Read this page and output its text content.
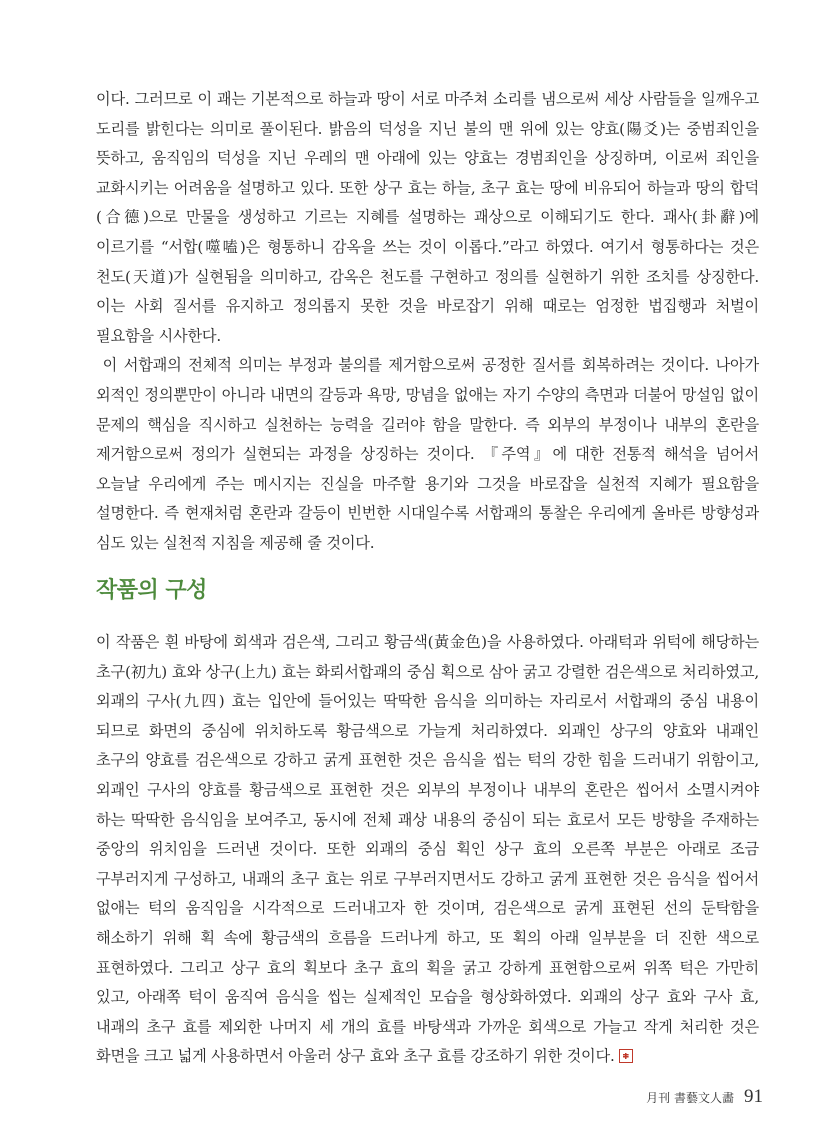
이다. 그러므로 이 괘는 기본적으로 하늘과 땅이 서로 마주쳐 소리를 냄으로써 세상 사람들을 일깨우고 도리를 밝힌다는 의미로 풀이된다. 밝음의 덕성을 지닌 불의 맨 위에 있는 양효(陽爻)는 중범죄인을 뜻하고, 움직임의 덕성을 지닌 우레의 맨 아래에 있는 양효는 경범죄인을 상징하며, 이로써 죄인을 교화시키는 어려움을 설명하고 있다. 또한 상구 효는 하늘, 초구 효는 땅에 비유되어 하늘과 땅의 합덕(合德)으로 만물을 생성하고 기르는 지혜를 설명하는 괘상으로 이해되기도 한다. 괘사(卦辭)에 이르기를 “서합(噬嗑)은 형통하니 감옥을 쓰는 것이 이롭다.”라고 하였다. 여기서 형통하다는 것은 천도(天道)가 실현됨을 의미하고, 감옥은 천도를 구현하고 정의를 실현하기 위한 조치를 상징한다. 이는 사회 질서를 유지하고 정의롭지 못한 것을 바로잡기 위해 때로는 엄정한 법집행과 처벌이 필요함을 시사한다.

이 서합괘의 전체적 의미는 부정과 불의를 제거함으로써 공정한 질서를 회복하려는 것이다. 나아가 외적인 정의뿐만이 아니라 내면의 갈등과 욕망, 망념을 없애는 자기 수양의 측면과 더불어 망설임 없이 문제의 핵심을 직시하고 실천하는 능력을 길러야 함을 말한다. 즉 외부의 부정이나 내부의 혼란을 제거함으로써 정의가 실현되는 과정을 상징하는 것이다. 『주역』에 대한 전통적 해석을 넘어서 오늘날 우리에게 주는 메시지는 진실을 마주할 용기와 그것을 바로잡을 실천적 지혜가 필요함을 설명한다. 즉 현재처럼 혼란과 갈등이 빈번한 시대일수록 서합괘의 통찰은 우리에게 올바른 방향성과 심도 있는 실천적 지침을 제공해 줄 것이다.

작품의 구성

이 작품은 흰 바탕에 회색과 검은색, 그리고 황금색(黃金色)을 사용하였다. 아래턱과 위턱에 해당하는 초구(初九) 효와 상구(上九) 효는 화뢰서합괘의 중심 획으로 삼아 굵고 강렬한 검은색으로 처리하였고, 외괘의 구사(九四) 효는 입안에 들어있는 딱딱한 음식을 의미하는 자리로서 서합괘의 중심 내용이 되므로 화면의 중심에 위치하도록 황금색으로 가늘게 처리하였다. 외괘인 상구의 양효와 내괘인 초구의 양효를 검은색으로 강하고 굵게 표현한 것은 음식을 씹는 턱의 강한 힘을 드러내기 위함이고, 외괘인 구사의 양효를 황금색으로 표현한 것은 외부의 부정이나 내부의 혼란은 씹어서 소멸시켜야 하는 딱딱한 음식임을 보여주고, 동시에 전체 괘상 내용의 중심이 되는 효로서 모든 방향을 주재하는 중앙의 위치임을 드러낸 것이다. 또한 외괘의 중심 획인 상구 효의 오른쪽 부분은 아래로 조금 구부러지게 구성하고, 내괘의 초구 효는 위로 구부러지면서도 강하고 굵게 표현한 것은 음식을 씹어서 없애는 턱의 움직임을 시각적으로 드러내고자 한 것이며, 검은색으로 굵게 표현된 선의 둔탁함을 해소하기 위해 획 속에 황금색의 흐름을 드러나게 하고, 또 획의 아래 일부분을 더 진한 색으로 표현하였다. 그리고 상구 효의 획보다 초구 효의 획을 굵고 강하게 표현함으로써 위쪽 턱은 가만히 있고, 아래쪽 턱이 움직여 음식을 씹는 실제적인 모습을 형상화하였다. 외괘의 상구 효와 구사 효, 내괘의 초구 효를 제외한 나머지 세 개의 효를 바탕색과 가까운 회색으로 가늘고 작게 처리한 것은 화면을 크고 넓게 사용하면서 아울러 상구 효와 초구 효를 강조하기 위한 것이다.

月刊 書藝文人畵 91
